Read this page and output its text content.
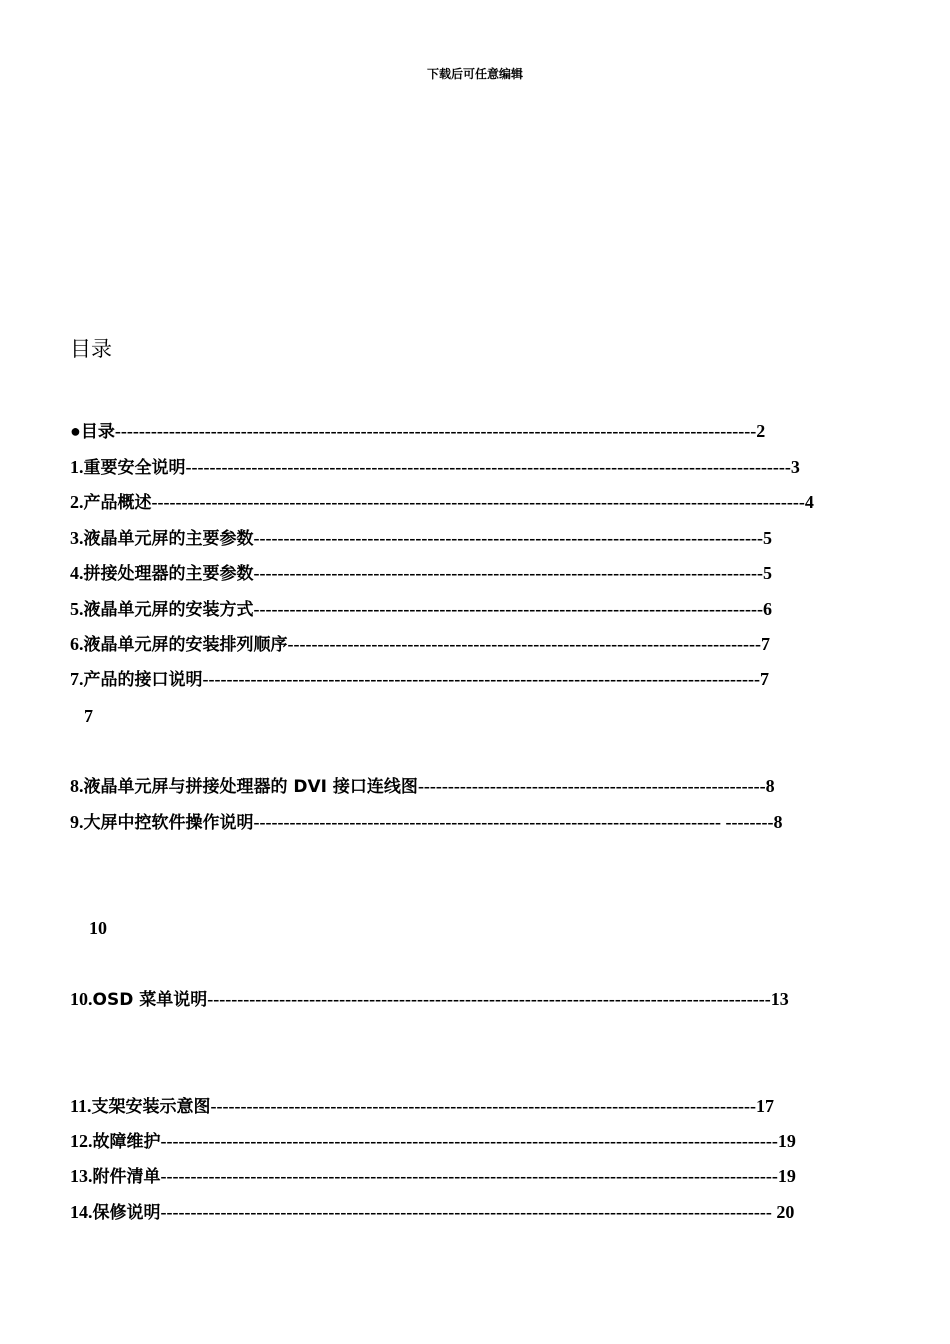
下载后可任意编辑
目录
●目录-----------------------------------------------------------------------------------------------------------2
1.重要安全说明-----------------------------------------------------------------------------------------------------3
2.产品概述-------------------------------------------------------------------------------------------------------------4
3.液晶单元屏的主要参数-------------------------------------------------------------------------------------5
4.拼接处理器的主要参数-------------------------------------------------------------------------------------5
5.液晶单元屏的安装方式-------------------------------------------------------------------------------------6
6.液晶单元屏的安装排列顺序-------------------------------------------------------------------------------7
7.产品的接口说明---------------------------------------------------------------------------------------------7
7
8.液晶单元屏与拼接处理器的 DVI 接口连线图----------------------------------------------------------8
9.大屏中控软件操作说明------------------------------------------------------------------------------ --------8
10
10.OSD 菜单说明----------------------------------------------------------------------------------------------13
11.支架安装示意图-------------------------------------------------------------------------------------------17
12.故障维护-------------------------------------------------------------------------------------------------------19
13.附件清单-------------------------------------------------------------------------------------------------------19
14.保修说明------------------------------------------------------------------------------------------------------ 20
